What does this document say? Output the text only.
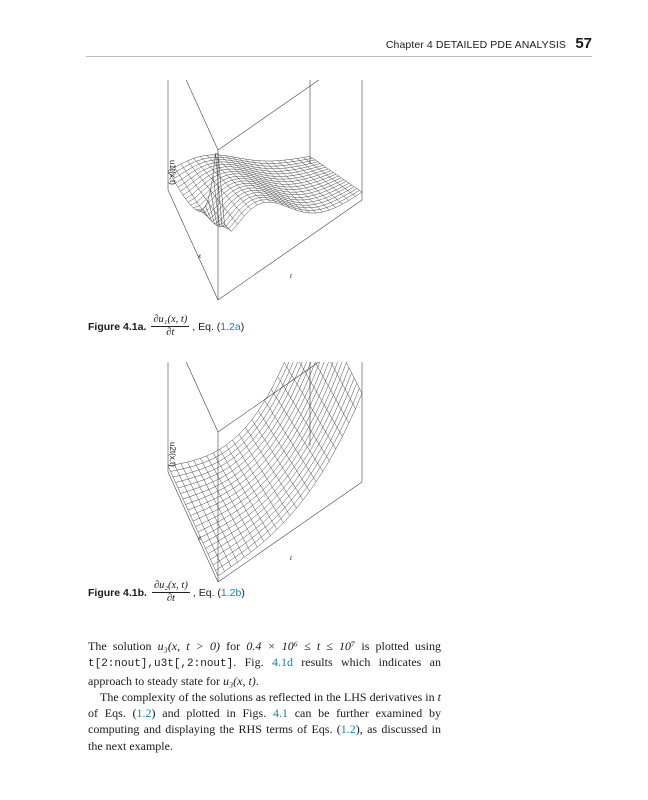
Chapter 4 DETAILED PDE ANALYSIS 57
u1t(x,t)
x
t
Figure 4.1a. $\frac{\text{∂u₁(x, t)}}{\partial t}$ , Eq. (1.2a)
u2t(x,t)
x
t
Figure 4.1b. $\frac{\text{∂u₂(x, t)}}{\partial t}$ , Eq. (1.2b)

The solution u₃(x, t > 0) for 0.4 × 10⁶ ≤ t ≤ 10⁷ is plotted using t[2:nout],u3t[,2:nout]. Fig. 4.1d results which indicates an approach to steady state for u₃(x, t).

The complexity of the solutions as reflected in the LHS derivatives in t of Eqs. (1.2) and plotted in Figs. 4.1 can be further examined by computing and displaying the RHS terms of Eqs. (1.2), as discussed in the next example.
